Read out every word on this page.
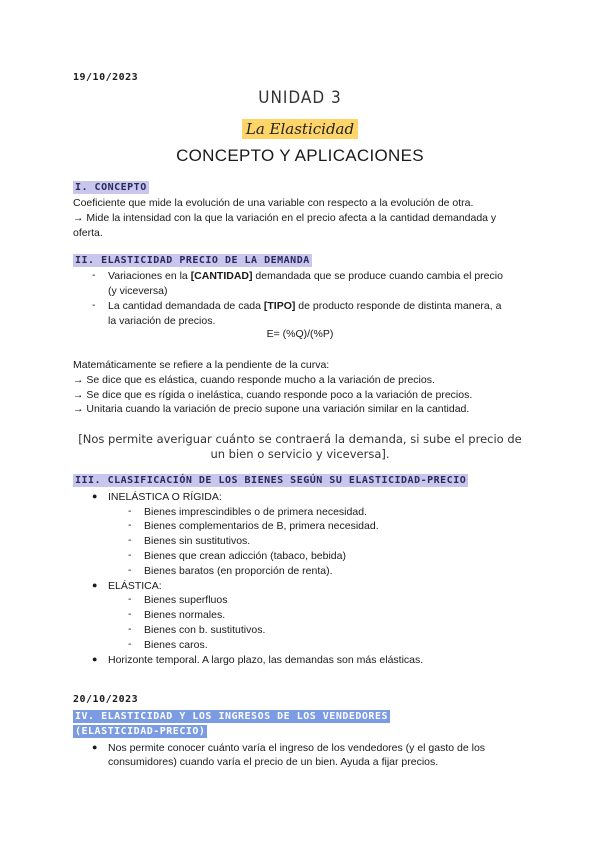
19/10/2023
UNIDAD 3
La Elasticidad
CONCEPTO Y APLICACIONES
I. CONCEPTO
Coeficiente que mide la evolución de una variable con respecto a la evolución de otra.
→ Mide la intensidad con la que la variación en el precio afecta a la cantidad demandada y
oferta.
II. ELASTICIDAD PRECIO DE LA DEMANDA
- Variaciones en la [CANTIDAD] demandada que se produce cuando cambia el precio
(y viceversa)
- La cantidad demandada de cada [TIPO] de producto responde de distinta manera, a
la variación de precios.
E= (%Q)/(%P)
Matemáticamente se refiere a la pendiente de la curva:
→ Se dice que es elástica, cuando responde mucho a la variación de precios.
→ Se dice que es rígida o inelástica, cuando responde poco a la variación de precios.
→ Unitaria cuando la variación de precio supone una variación similar en la cantidad.
[Nos permite averiguar cuánto se contraerá la demanda, si sube el precio de
un bien o servicio y viceversa].
III. CLASIFICACIÓN DE LOS BIENES SEGÚN SU ELASTICIDAD-PRECIO
● INELÁSTICA O RÍGIDA:
- Bienes imprescindibles o de primera necesidad.
- Bienes complementarios de B, primera necesidad.
- Bienes sin sustitutivos.
- Bienes que crean adicción (tabaco, bebida)
- Bienes baratos (en proporción de renta).
● ELÁSTICA:
- Bienes superfluos
- Bienes normales.
- Bienes con b. sustitutivos.
- Bienes caros.
● Horizonte temporal. A largo plazo, las demandas son más elásticas.
20/10/2023
IV. ELASTICIDAD Y LOS INGRESOS DE LOS VENDEDORES
(ELASTICIDAD-PRECIO)
● Nos permite conocer cuánto varía el ingreso de los vendedores (y el gasto de los
consumidores) cuando varía el precio de un bien. Ayuda a fijar precios.
